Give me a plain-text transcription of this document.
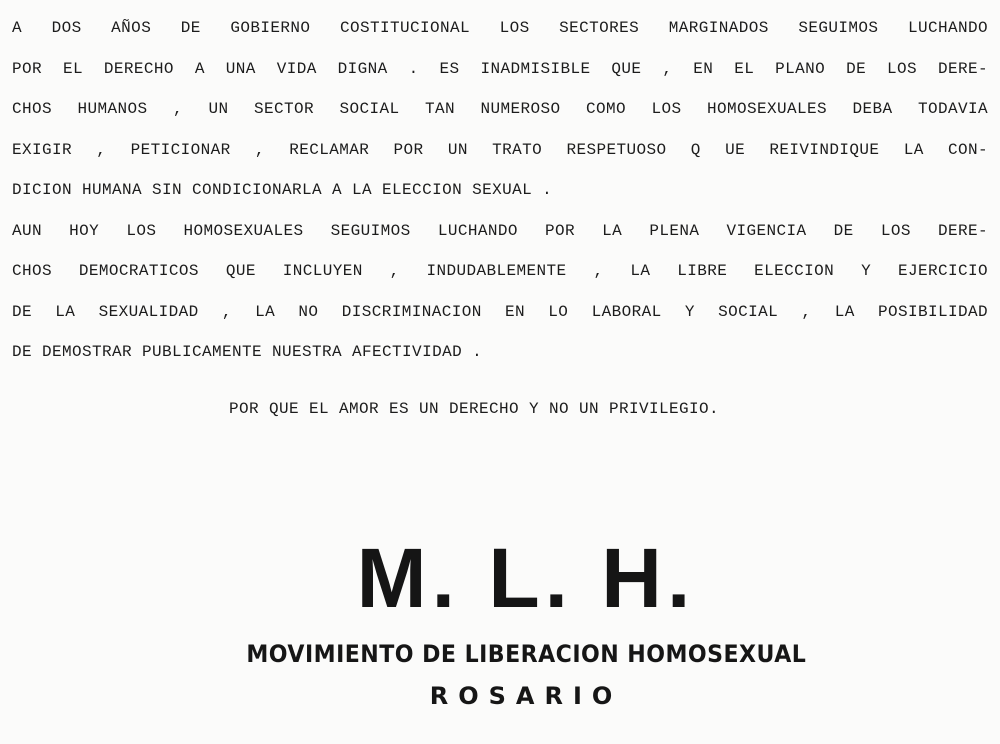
A DOS AÑOS DE GOBIERNO COSTITUCIONAL LOS SECTORES MARGINADOS SEGUIMOS LUCHANDO
POR EL DERECHO A UNA VIDA DIGNA . ES INADMISIBLE QUE , EN EL PLANO DE LOS DERE-
CHOS HUMANOS , UN SECTOR SOCIAL TAN NUMEROSO COMO LOS HOMOSEXUALES DEBA TODAVIA
EXIGIR , PETICIONAR , RECLAMAR POR UN TRATO RESPETUOSO Q UE REIVINDIQUE LA CON-
DICION HUMANA SIN CONDICIONARLA A LA ELECCION SEXUAL .
AUN HOY LOS HOMOSEXUALES SEGUIMOS LUCHANDO POR LA PLENA VIGENCIA DE LOS DERE-
CHOS DEMOCRATICOS QUE INCLUYEN , INDUDABLEMENTE , LA LIBRE ELECCION Y EJERCICIO
DE LA SEXUALIDAD , LA NO DISCRIMINACION EN LO LABORAL Y SOCIAL , LA POSIBILIDAD
DE DEMOSTRAR PUBLICAMENTE NUESTRA AFECTIVIDAD .
POR QUE EL AMOR ES UN DERECHO Y NO UN PRIVILEGIO.
M. L. H.
MOVIMIENTO DE LIBERACION HOMOSEXUAL
ROSARIO
